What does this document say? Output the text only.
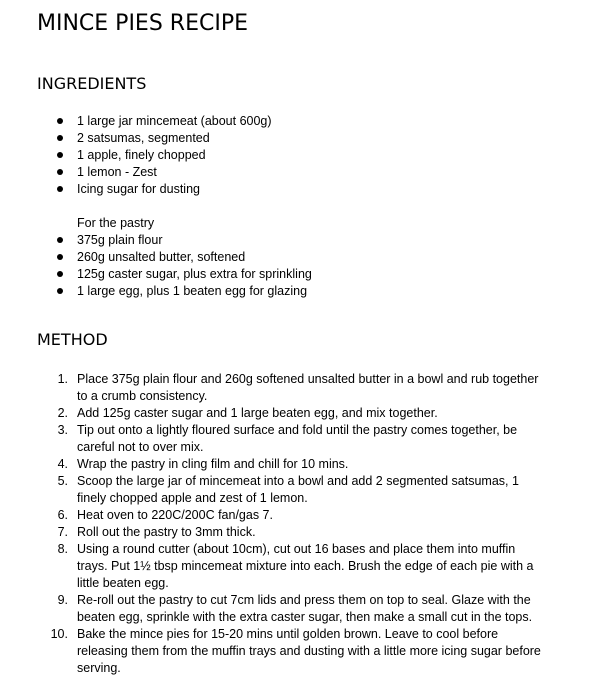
MINCE PIES RECIPE
INGREDIENTS
1 large jar mincemeat (about 600g)
2 satsumas, segmented
1 apple, finely chopped
1 lemon - Zest
Icing sugar for dusting
For the pastry
375g plain flour
260g unsalted butter, softened
125g caster sugar, plus extra for sprinkling
1 large egg, plus 1 beaten egg for glazing
METHOD
1. Place 375g plain flour and 260g softened unsalted butter in a bowl and rub together to a crumb consistency.
2. Add 125g caster sugar and 1 large beaten egg, and mix together.
3. Tip out onto a lightly floured surface and fold until the pastry comes together, be careful not to over mix.
4. Wrap the pastry in cling film and chill for 10 mins.
5. Scoop the large jar of mincemeat into a bowl and add 2 segmented satsumas, 1 finely chopped apple and zest of 1 lemon.
6. Heat oven to 220C/200C fan/gas 7.
7. Roll out the pastry to 3mm thick.
8. Using a round cutter (about 10cm), cut out 16 bases and place them into muffin trays. Put 1½ tbsp mincemeat mixture into each. Brush the edge of each pie with a little beaten egg.
9. Re-roll out the pastry to cut 7cm lids and press them on top to seal. Glaze with the beaten egg, sprinkle with the extra caster sugar, then make a small cut in the tops.
10. Bake the mince pies for 15-20 mins until golden brown. Leave to cool before releasing them from the muffin trays and dusting with a little more icing sugar before serving.
